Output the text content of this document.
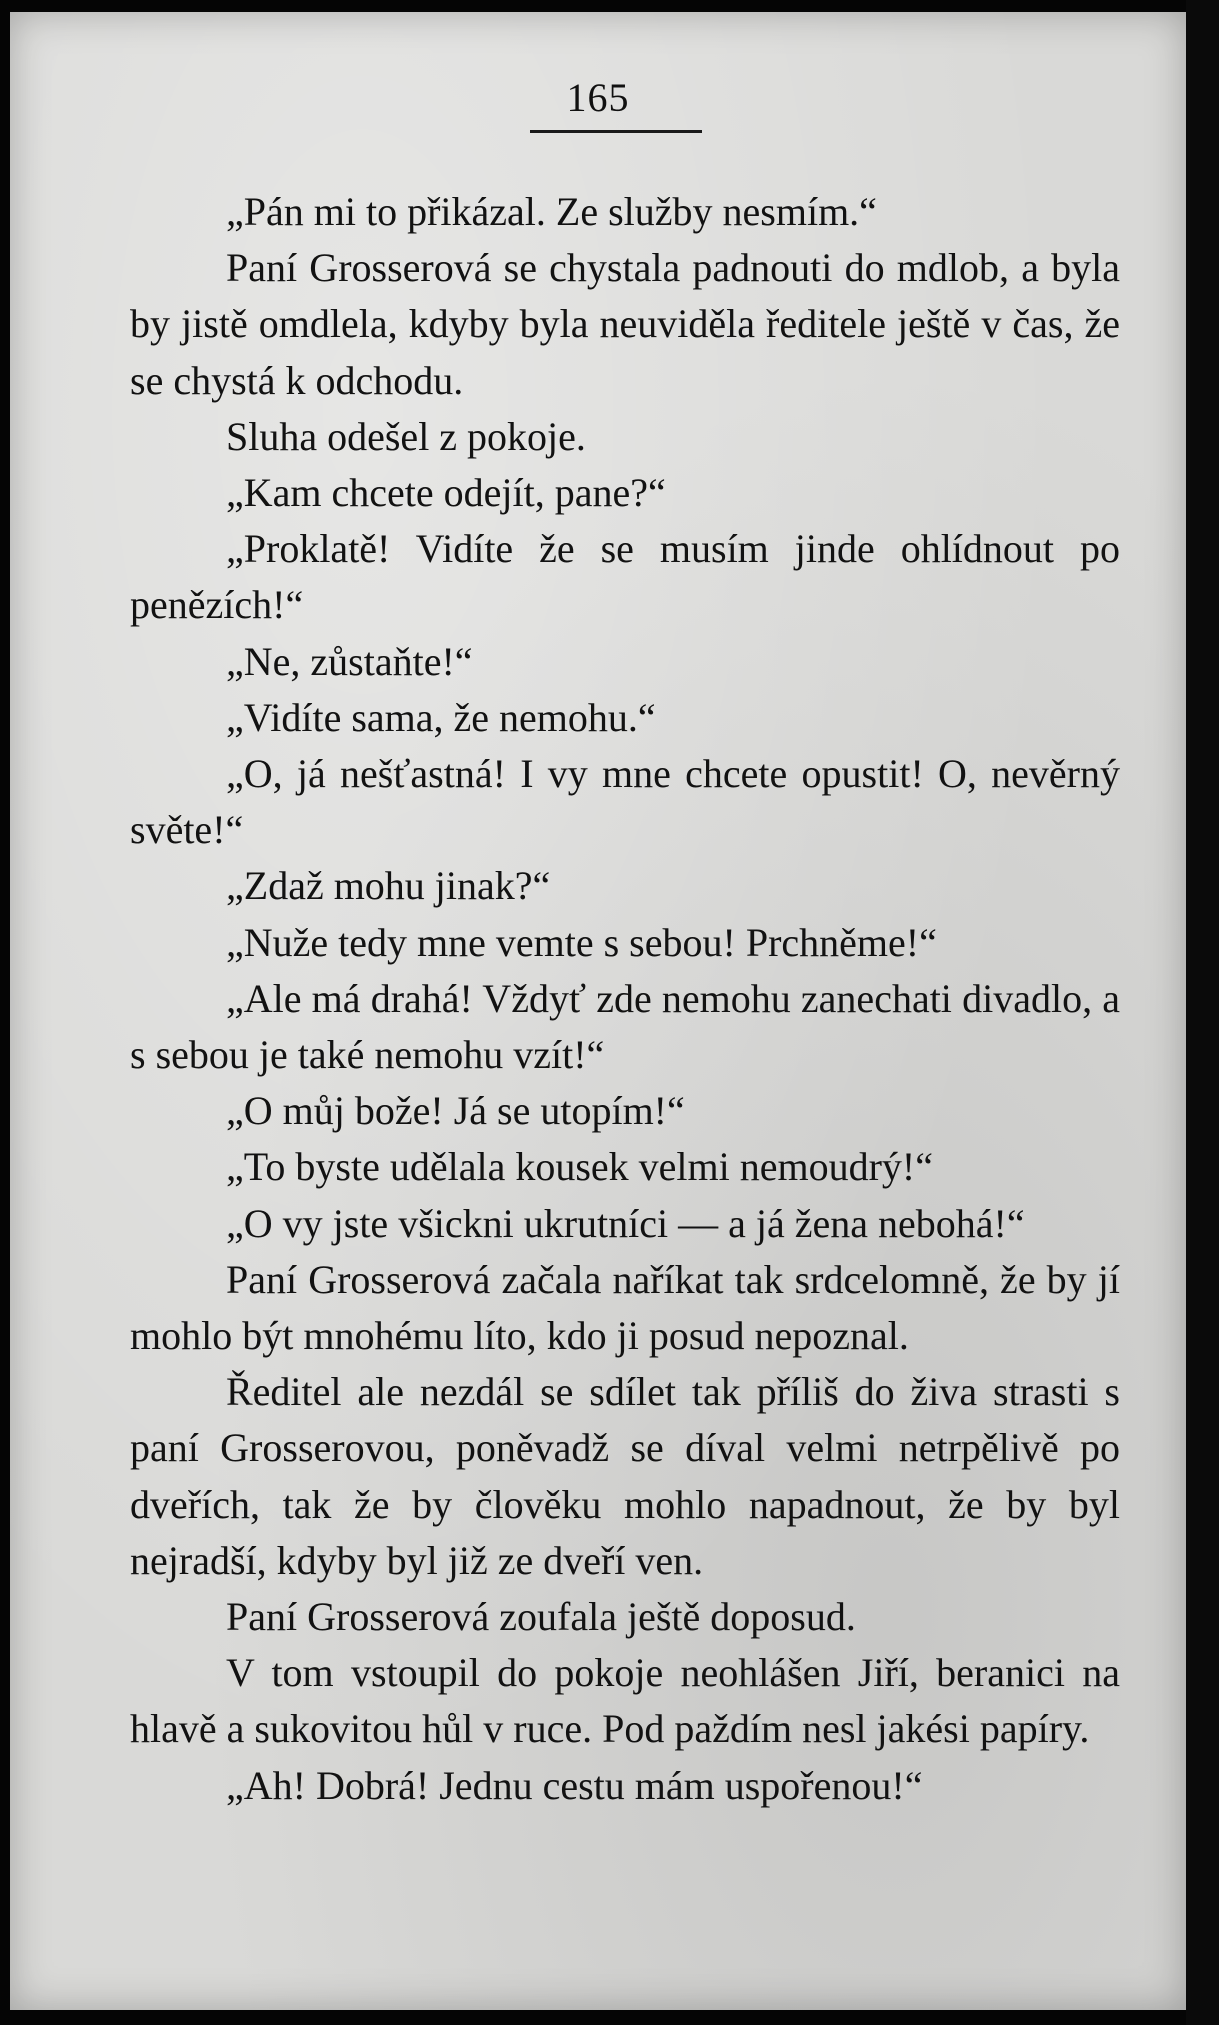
165

„Pán mi to přikázal. Ze služby nesmím.“

Paní Grosserová se chystala padnouti do mdlob, a byla by jistě omdlela, kdyby byla neuviděla ředitele ještě v čas, že se chystá k odchodu.

Sluha odešel z pokoje.

„Kam chcete odejít, pane?“

„Proklatě! Vidíte že se musím jinde ohlídnout po penězích!“

„Ne, zůstaňte!“

„Vidíte sama, že nemohu.“

„O, já nešťastná! I vy mne chcete opustit! O, nevěrný světe!“

„Zdaž mohu jinak?“

„Nuže tedy mne vemte s sebou! Prchněme!“

„Ale má drahá! Vždyť zde nemohu zanechati divadlo, a s sebou je také nemohu vzít!“

„O můj bože! Já se utopím!“

„To byste udělala kousek velmi nemoudrý!“

„O vy jste všickni ukrutníci — a já žena nebohá!“

Paní Grosserová začala naříkat tak srdcelomně, že by jí mohlo být mnohému líto, kdo ji posud nepoznal.

Ředitel ale nezdál se sdílet tak příliš do živa strasti s paní Grosserovou, poněvadž se díval velmi netrpělivě po dveřích, tak že by člověku mohlo napadnout, že by byl nejradší, kdyby byl již ze dveří ven.

Paní Grosserová zoufala ještě doposud.

V tom vstoupil do pokoje neohlášen Jiří, beranici na hlavě a sukovitou hůl v ruce. Pod paždím nesl jakési papíry.

„Ah! Dobrá! Jednu cestu mám uspořenou!“
